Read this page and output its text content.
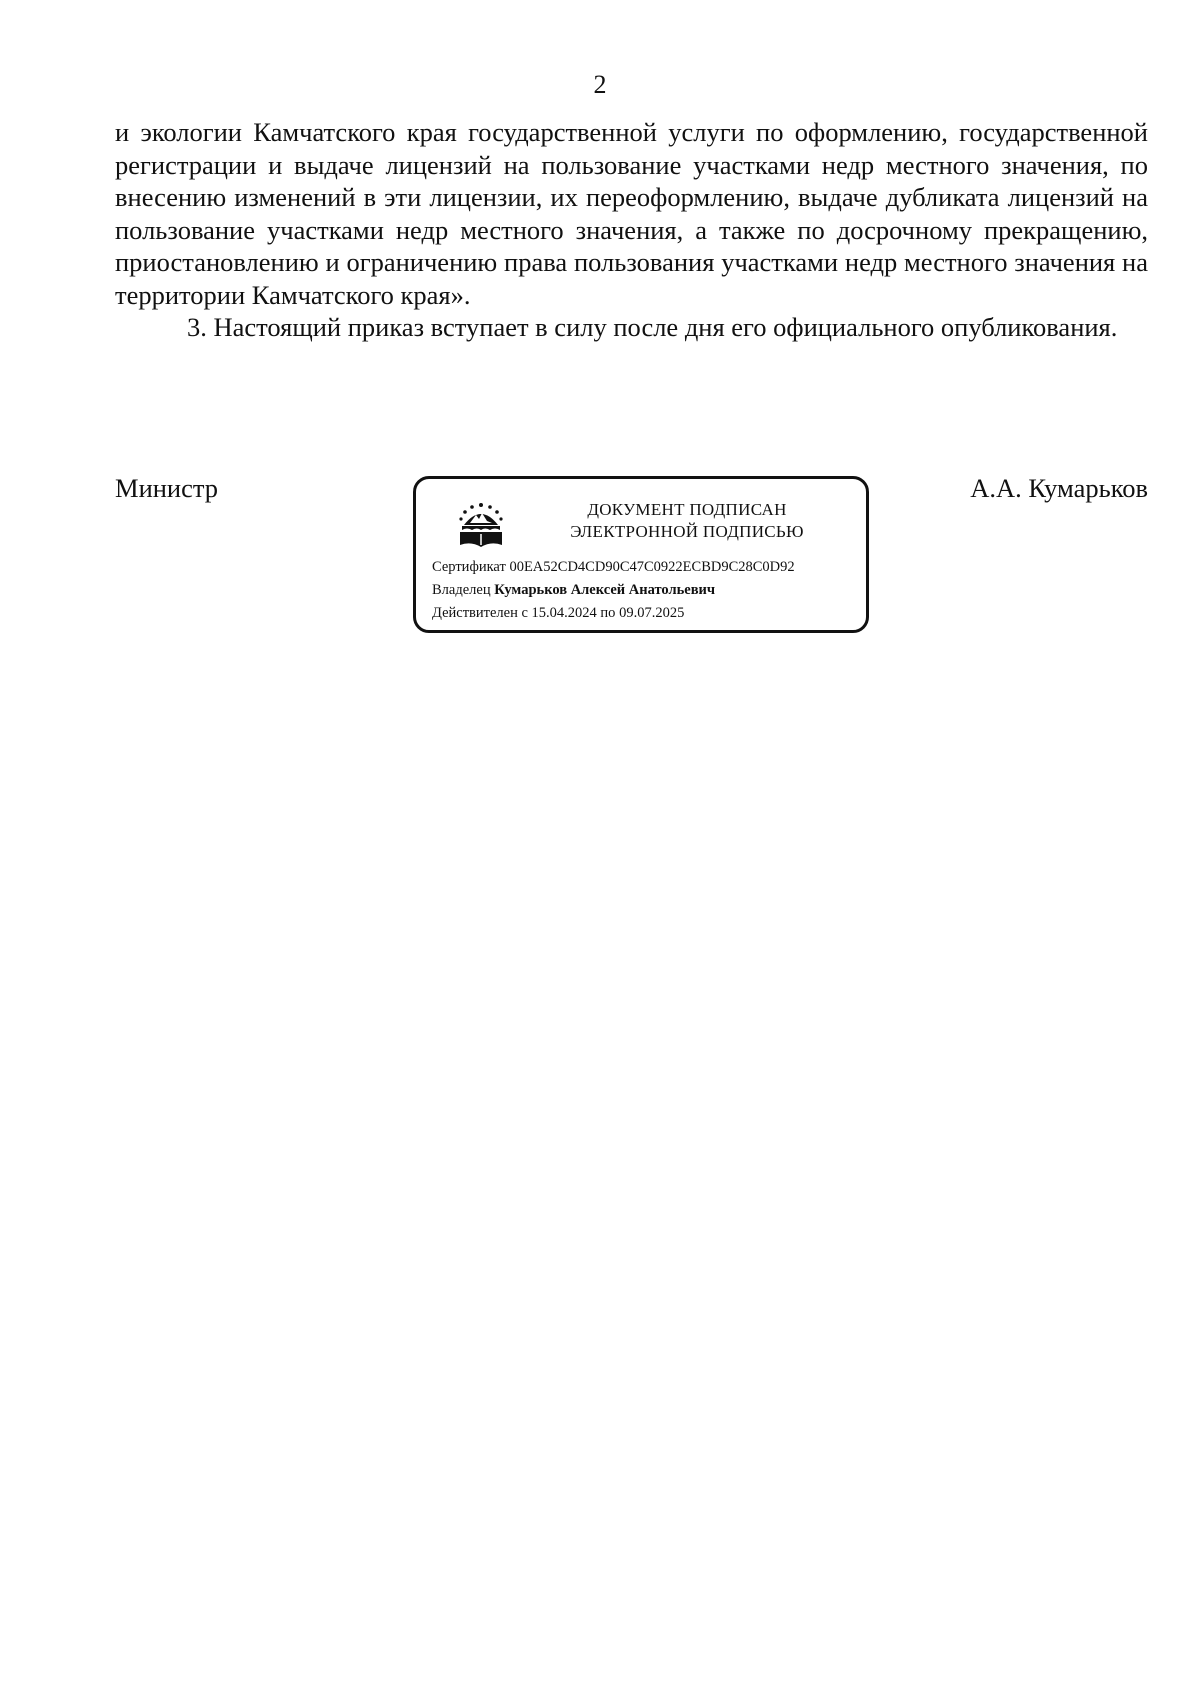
2

и экологии Камчатского края государственной услуги по оформлению, государственной регистрации и выдаче лицензий на пользование участками недр местного значения, по внесению изменений в эти лицензии, их переоформлению, выдаче дубликата лицензий на пользование участками недр местного значения, а также по досрочному прекращению, приостановлению и ограничению права пользования участками недр местного значения на территории Камчатского края».

3. Настоящий приказ вступает в силу после дня его официального опубликования.

Министр	А.А. Кумарьков
ДОКУМЕНТ ПОДПИСАН
ЭЛЕКТРОННОЙ ПОДПИСЬЮ
Сертификат 00EA52CD4CD90C47C0922ECBD9C28C0D92
Владелец Кумарьков Алексей Анатольевич
Действителен с 15.04.2024 по 09.07.2025
